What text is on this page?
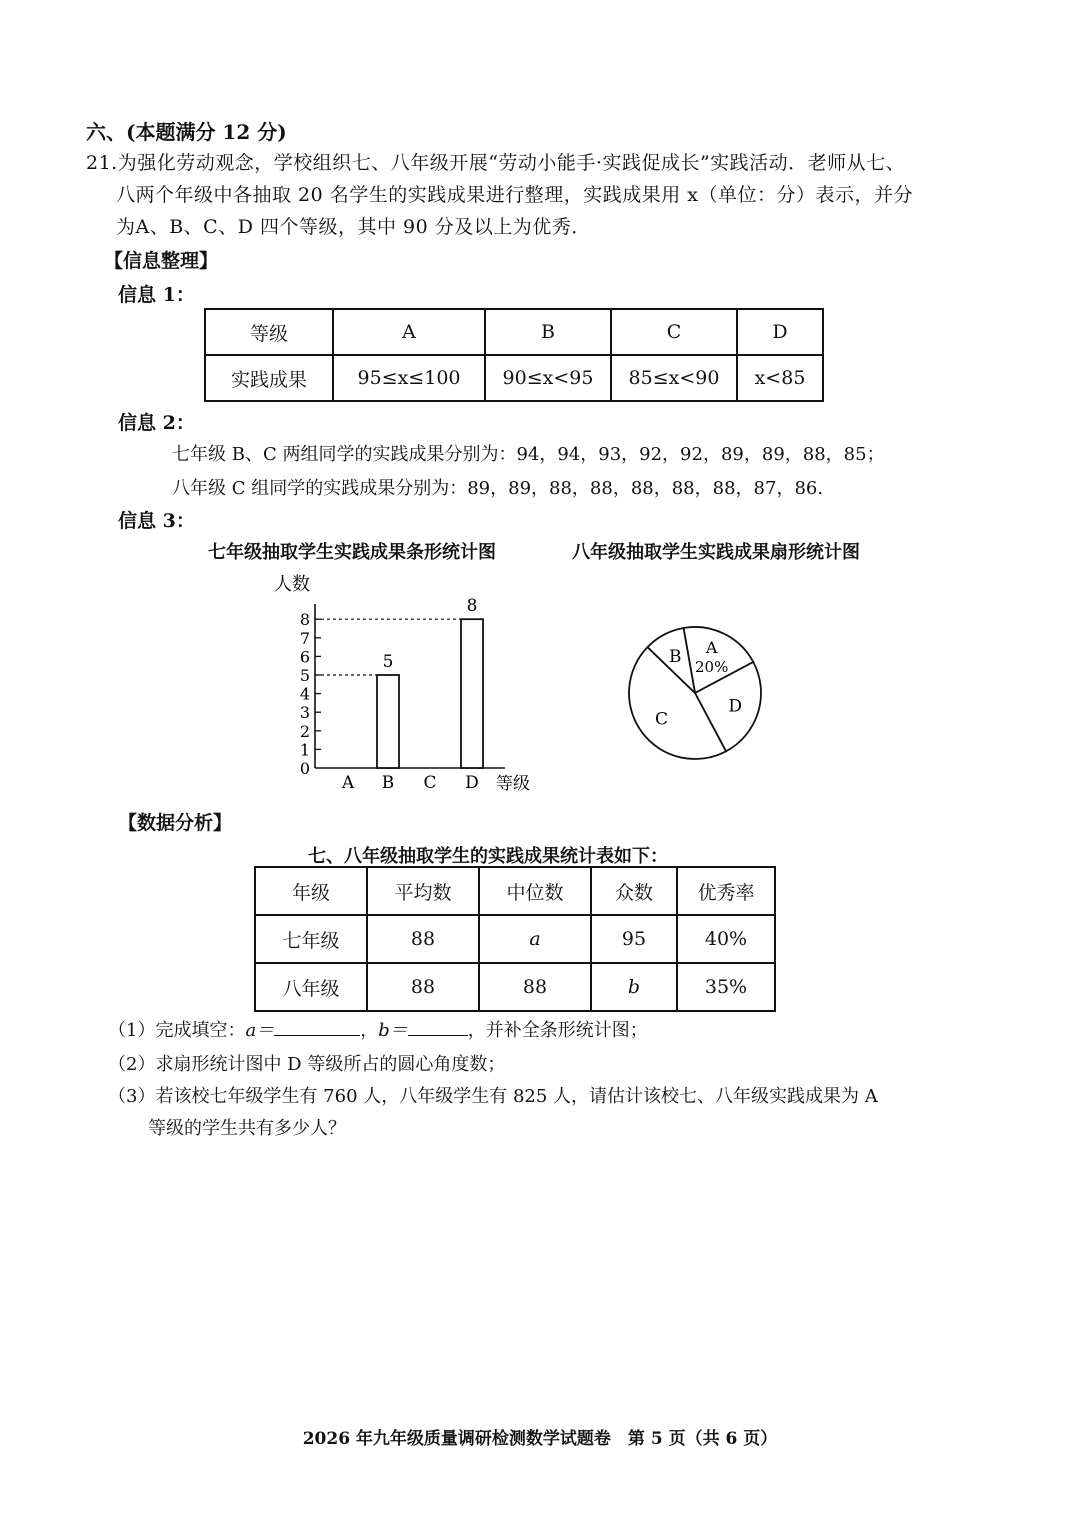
六、(本题满分 12 分)
21.为强化劳动观念，学校组织七、八年级开展“劳动小能手·实践促成长”实践活动．老师从七、
八两个年级中各抽取 20 名学生的实践成果进行整理，实践成果用 x（单位：分）表示，并分
为A、B、C、D 四个等级，其中 90 分及以上为优秀．
【信息整理】
信息 1：
等级	A	B	C	D
实践成果	95≤x≤100	90≤x<95	85≤x<90	x<85
信息 2：
七年级 B、C 两组同学的实践成果分别为：94，94，93，92，92，89，89，88，85；
八年级 C 组同学的实践成果分别为：89，89，88，88，88，88，88，87，86.
信息 3：
七年级抽取学生实践成果条形统计图	八年级抽取学生实践成果扇形统计图
人数
等级
0
1
2
3
4
5
6
7
8
A B
5
C D
8
A
20%
D
C
B
【数据分析】
七、八年级抽取学生的实践成果统计表如下：
年级	平均数	中位数	众数	优秀率
七年级	88	a	95	40%
八年级	88	88	b	35%
（1）完成填空：a＝	，b＝	，并补全条形统计图；
（2）求扇形统计图中 D 等级所占的圆心角度数；
（3）若该校七年级学生有 760 人，八年级学生有 825 人，请估计该校七、八年级实践成果为 A
等级的学生共有多少人？
2026 年九年级质量调研检测数学试题卷　第 5 页（共 6 页）
